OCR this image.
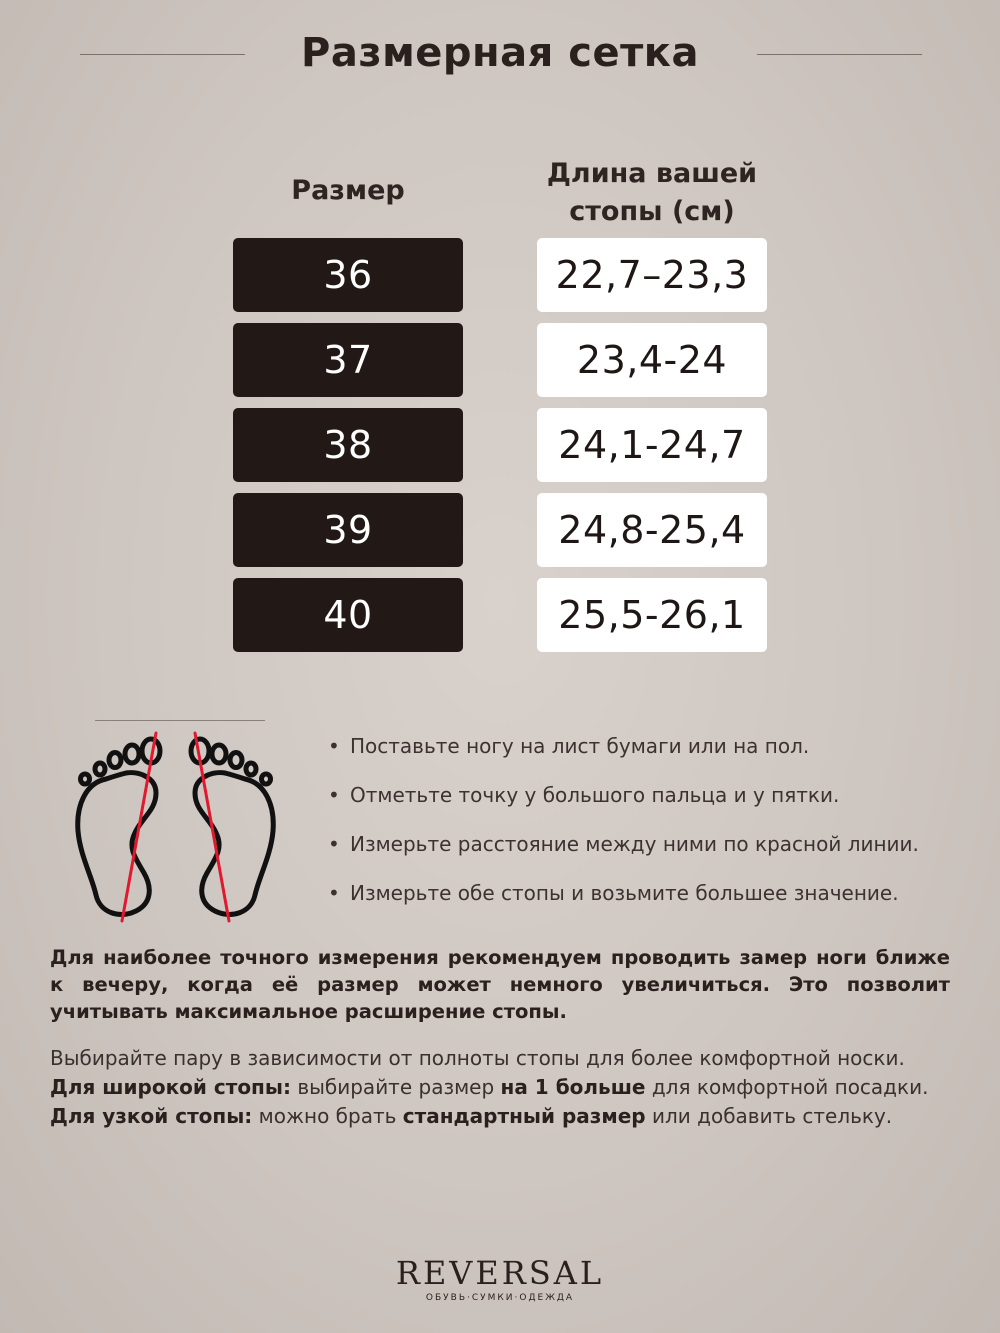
Размерная сетка
Размер
Длина вашей
стопы (см)
36	22,7–23,3
37	23,4-24
38	24,1-24,7
39	24,8-25,4
40	25,5-26,1
• Поставьте ногу на лист бумаги или на пол.
• Отметьте точку у большого пальца и у пятки.
• Измерьте расстояние между ними по красной линии.
• Измерьте обе стопы и возьмите большее значение.
Для наиболее точного измерения рекомендуем проводить замер ноги ближе к вечеру, когда её размер может немного увеличиться. Это позволит учитывать максимальное расширение стопы.
Выбирайте пару в зависимости от полноты стопы для более комфортной носки.
Для широкой стопы: выбирайте размер на 1 больше для комфортной посадки.
Для узкой стопы: можно брать стандартный размер или добавить стельку.
REVERSAL
ОБУВЬ·СУМКИ·ОДЕЖДА
